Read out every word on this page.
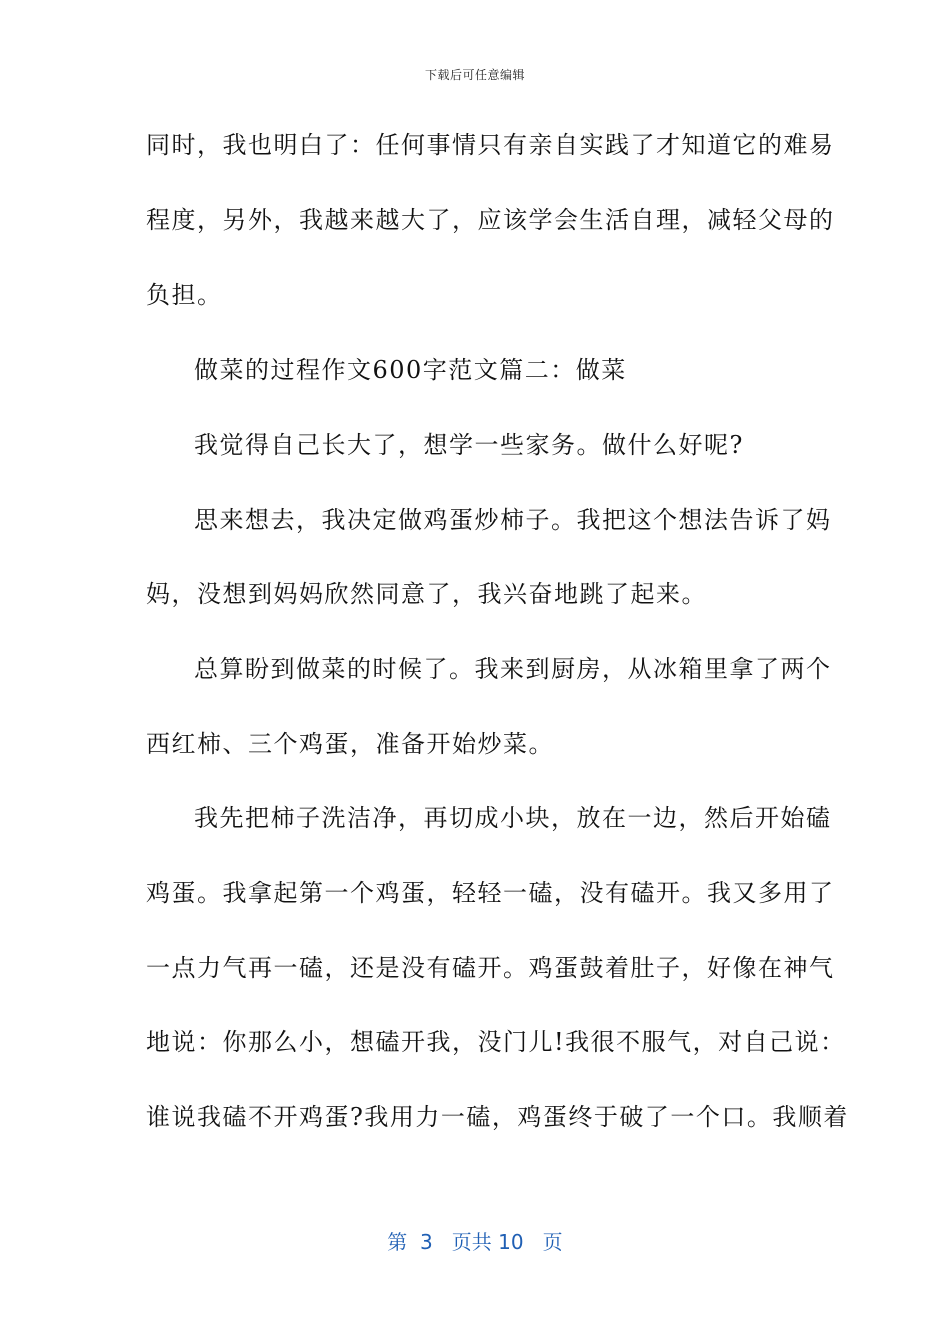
下载后可任意编辑
同时，我也明白了：任何事情只有亲自实践了才知道它的难易
程度，另外，我越来越大了，应该学会生活自理，减轻父母的
负担。
做菜的过程作文600字范文篇二：做菜
我觉得自己长大了，想学一些家务。做什么好呢?
思来想去，我决定做鸡蛋炒柿子。我把这个想法告诉了妈
妈，没想到妈妈欣然同意了，我兴奋地跳了起来。
总算盼到做菜的时候了。我来到厨房，从冰箱里拿了两个
西红柿、三个鸡蛋，准备开始炒菜。
我先把柿子洗洁净，再切成小块，放在一边，然后开始磕
鸡蛋。我拿起第一个鸡蛋，轻轻一磕，没有磕开。我又多用了
一点力气再一磕，还是没有磕开。鸡蛋鼓着肚子，好像在神气
地说：你那么小，想磕开我，没门儿!我很不服气，对自己说：
谁说我磕不开鸡蛋?我用力一磕，鸡蛋终于破了一个口。我顺着
第  3   页共 10   页
